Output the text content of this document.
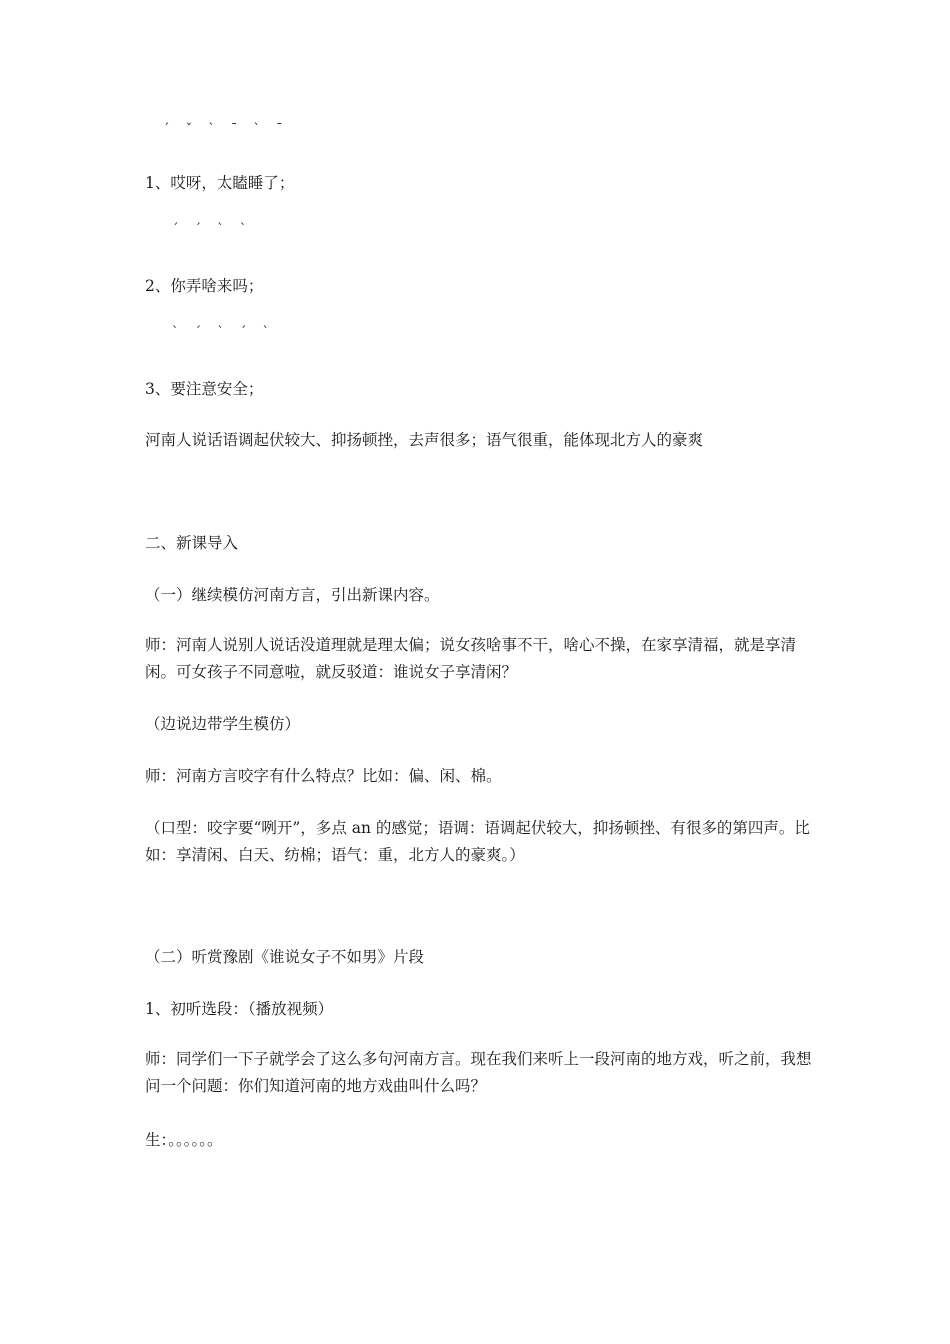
ˊ ˇ ˋ ˉ ˋ ˉ

1、哎呀，太瞌睡了；

ˊ ˊ ˋ ˋ

2、你弄啥来吗；

ˋ ˊ ˋ ˊ ˋ

3、要注意安全；

河南人说话语调起伏较大、抑扬顿挫，去声很多；语气很重，能体现北方人的豪爽

二、新课导入

（一）继续模仿河南方言，引出新课内容。

师：河南人说别人说话没道理就是理太偏；说女孩啥事不干，啥心不操，在家享清福，就是享清闲。可女孩子不同意啦，就反驳道：谁说女子享清闲？

（边说边带学生模仿）

师：河南方言咬字有什么特点？比如：偏、闲、棉。

（口型：咬字要“咧开”，多点 an 的感觉；语调：语调起伏较大，抑扬顿挫、有很多的第四声。比如：享清闲、白天、纺棉；语气：重，北方人的豪爽。）

（二）听赏豫剧《谁说女子不如男》片段

1、初听选段：（播放视频）

师：同学们一下子就学会了这么多句河南方言。现在我们来听上一段河南的地方戏，听之前，我想问一个问题：你们知道河南的地方戏曲叫什么吗？

生：。。。。。。
